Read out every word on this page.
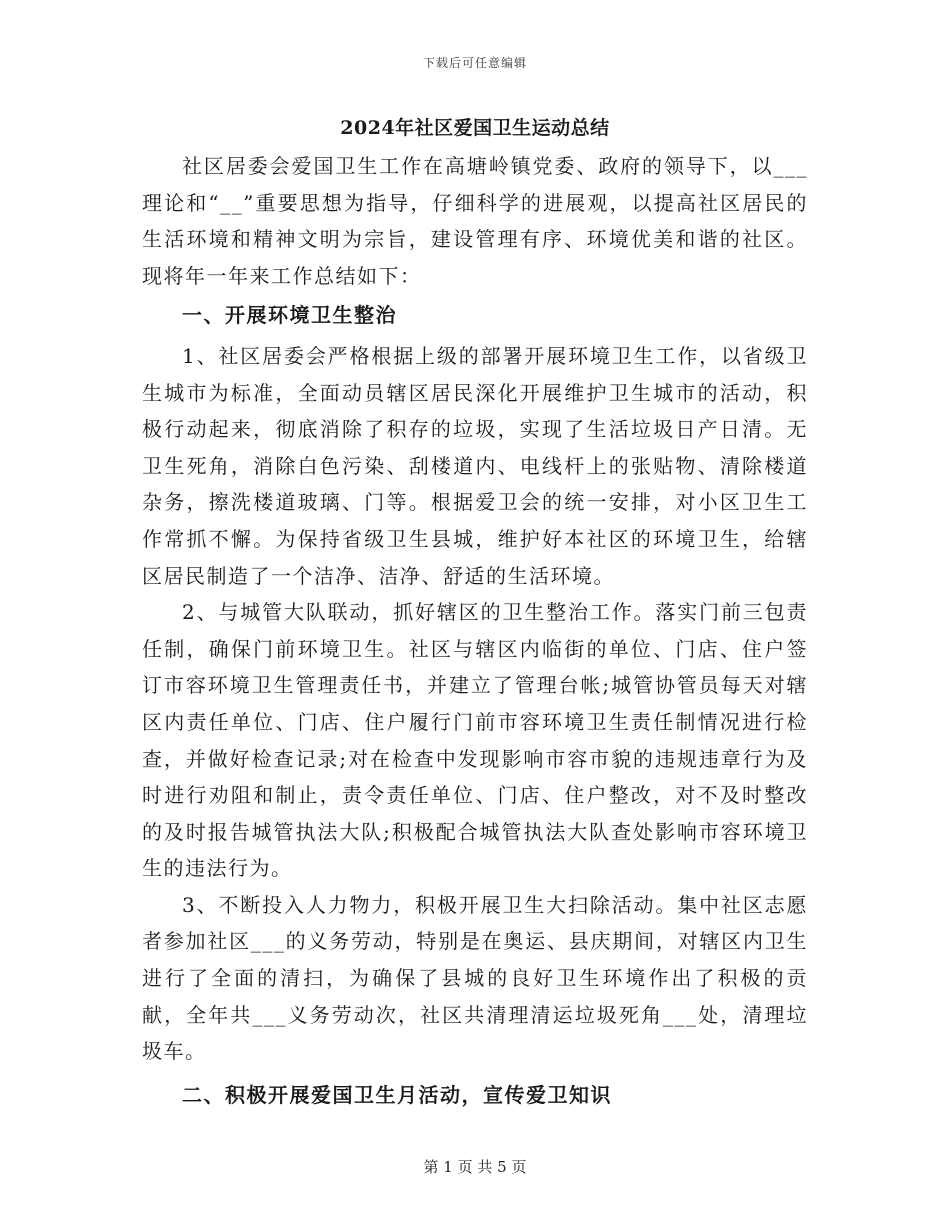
下载后可任意编辑
2024年社区爱国卫生运动总结

社区居委会爱国卫生工作在高塘岭镇党委、政府的领导下，以___理论和“__”重要思想为指导，仔细科学的进展观，以提高社区居民的生活环境和精神文明为宗旨，建设管理有序、环境优美和谐的社区。现将年一年来工作总结如下：

一、开展环境卫生整治

1、社区居委会严格根据上级的部署开展环境卫生工作，以省级卫生城市为标准，全面动员辖区居民深化开展维护卫生城市的活动，积极行动起来，彻底消除了积存的垃圾，实现了生活垃圾日产日清。无卫生死角，消除白色污染、刮楼道内、电线杆上的张贴物、清除楼道杂务，擦洗楼道玻璃、门等。根据爱卫会的统一安排，对小区卫生工作常抓不懈。为保持省级卫生县城，维护好本社区的环境卫生，给辖区居民制造了一个洁净、洁净、舒适的生活环境。

2、与城管大队联动，抓好辖区的卫生整治工作。落实门前三包责任制，确保门前环境卫生。社区与辖区内临街的单位、门店、住户签订市容环境卫生管理责任书，并建立了管理台帐;城管协管员每天对辖区内责任单位、门店、住户履行门前市容环境卫生责任制情况进行检查，并做好检查记录;对在检查中发现影响市容市貌的违规违章行为及时进行劝阻和制止，责令责任单位、门店、住户整改，对不及时整改的及时报告城管执法大队;积极配合城管执法大队查处影响市容环境卫生的违法行为。

3、不断投入人力物力，积极开展卫生大扫除活动。集中社区志愿者参加社区___的义务劳动，特别是在奥运、县庆期间，对辖区内卫生进行了全面的清扫，为确保了县城的良好卫生环境作出了积极的贡献，全年共___义务劳动次，社区共清理清运垃圾死角___处，清理垃圾车。

二、积极开展爱国卫生月活动，宣传爱卫知识
第 1 页 共 5 页
